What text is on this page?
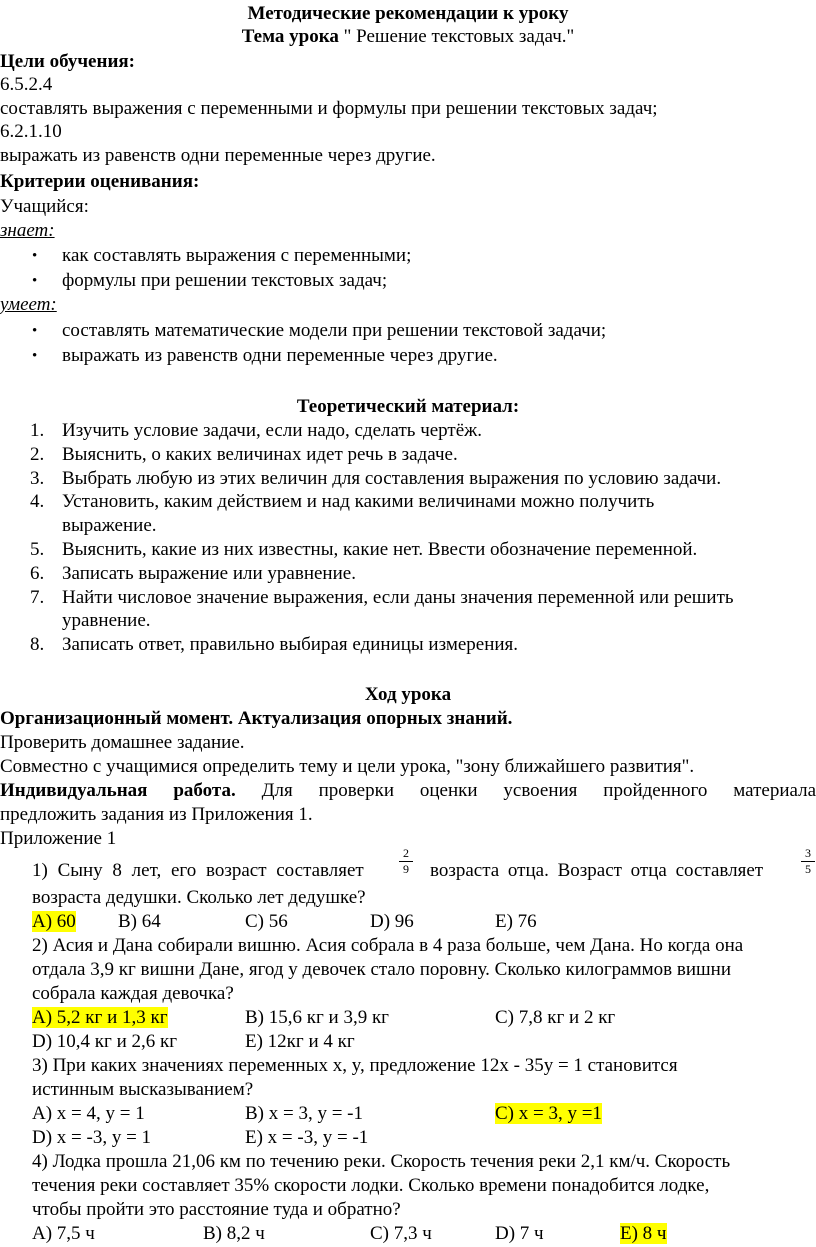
Методические рекомендации к уроку
Тема урока " Решение текстовых задач."
Цели обучения:
6.5.2.4
составлять выражения с переменными и формулы при решении текстовых задач;
6.2.1.10
выражать из равенств одни переменные через другие.
Критерии оценивания:
Учащийся:
знает:
• как составлять выражения с переменными;
• формулы при решении текстовых задач;
умеет:
• составлять математические модели при решении текстовой задачи;
• выражать из равенств одни переменные через другие.
Теоретический материал:
1. Изучить условие задачи, если надо, сделать чертёж.
2. Выяснить, о каких величинах идет речь в задаче.
3. Выбрать любую из этих величин для составления выражения по условию задачи.
4. Установить, каким действием и над какими величинами можно получить
выражение.
5. Выяснить, какие из них известны, какие нет. Ввести обозначение переменной.
6. Записать выражение или уравнение.
7. Найти числовое значение выражения, если даны значения переменной или решить
уравнение.
8. Записать ответ, правильно выбирая единицы измерения.
Ход урока
Организационный момент. Актуализация опорных знаний.
Проверить домашнее задание.
Совместно с учащимися определить тему и цели урока, "зону ближайшего развития".
Индивидуальная работа. Для проверки оценки усвоения пройденного материала
предложить задания из Приложения 1.
Приложение 1
1) Сыну 8 лет, его возраст составляет
2
9 возраста отца. Возраст отца составляет
3
5
возраста дедушки. Сколько лет дедушке?
A) 60 B) 64	C) 56	D) 96	E) 76
2) Асия и Дана собирали вишню. Асия собрала в 4 раза больше, чем Дана. Но когда она
отдала 3,9 кг вишни Дане, ягод у девочек стало поровну. Сколько килограммов вишни
собрала каждая девочка?
A) 5,2 кг и 1,3 кг	B) 15,6 кг и 3,9 кг	C) 7,8 кг и 2 кг
D) 10,4 кг и 2,6 кг	E) 12кг и 4 кг
3) При каких значениях переменных x, y, предложение 12x - 35y = 1 становится
истинным высказыванием?
A) x = 4, y = 1	B) x = 3, y = -1	C) x = 3, y =1
D) x = -3, y = 1	E) x = -3, y = -1
4) Лодка прошла 21,06 км по течению реки. Скорость течения реки 2,1 км/ч. Скорость
течения реки составляет 35% скорости лодки. Сколько времени понадобится лодке,
чтобы пройти это расстояние туда и обратно?
A) 7,5 ч	B) 8,2 ч	C) 7,3 ч	D) 7 ч	E) 8 ч
